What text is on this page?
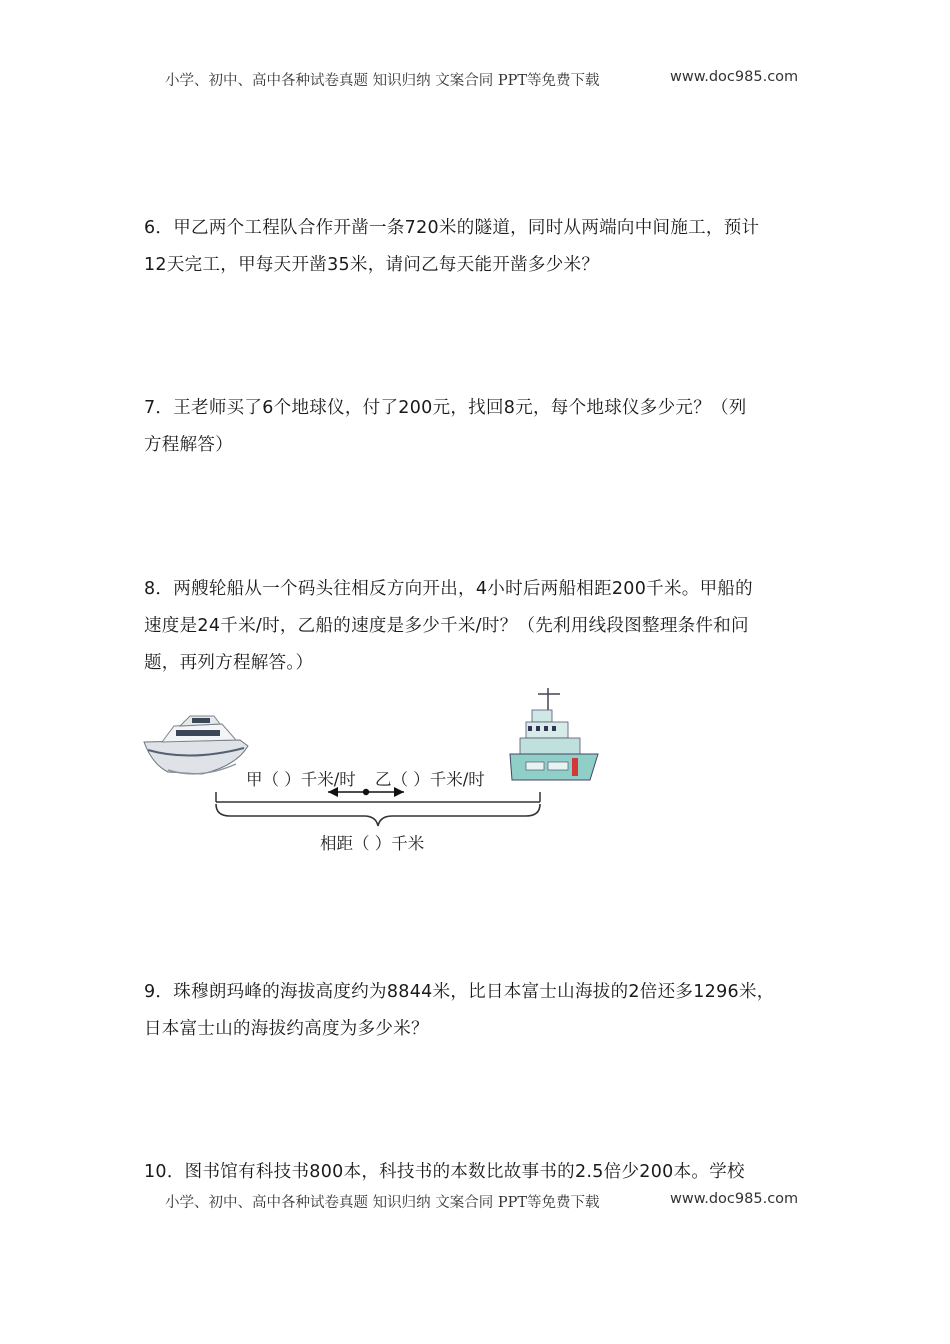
小学、初中、高中各种试卷真题 知识归纳 文案合同 PPT等免费下载	www.doc985.com

6．甲乙两个工程队合作开凿一条720米的隧道，同时从两端向中间施工，预计

12天完工，甲每天开凿35米，请问乙每天能开凿多少米？

7．王老师买了6个地球仪，付了200元，找回8元，每个地球仪多少元？（列

方程解答）

8．两艘轮船从一个码头往相反方向开出，4小时后两船相距200千米。甲船的

速度是24千米/时，乙船的速度是多少千米/时？（先利用线段图整理条件和问

题，再列方程解答。）

甲（ ）千米/时 乙（ ）千米/时
相距（ ）千米

9．珠穆朗玛峰的海拔高度约为8844米，比日本富士山海拔的2倍还多1296米，

日本富士山的海拔约高度为多少米？

10．图书馆有科技书800本，科技书的本数比故事书的2.5倍少200本。学校

小学、初中、高中各种试卷真题 知识归纳 文案合同 PPT等免费下载	www.doc985.com
